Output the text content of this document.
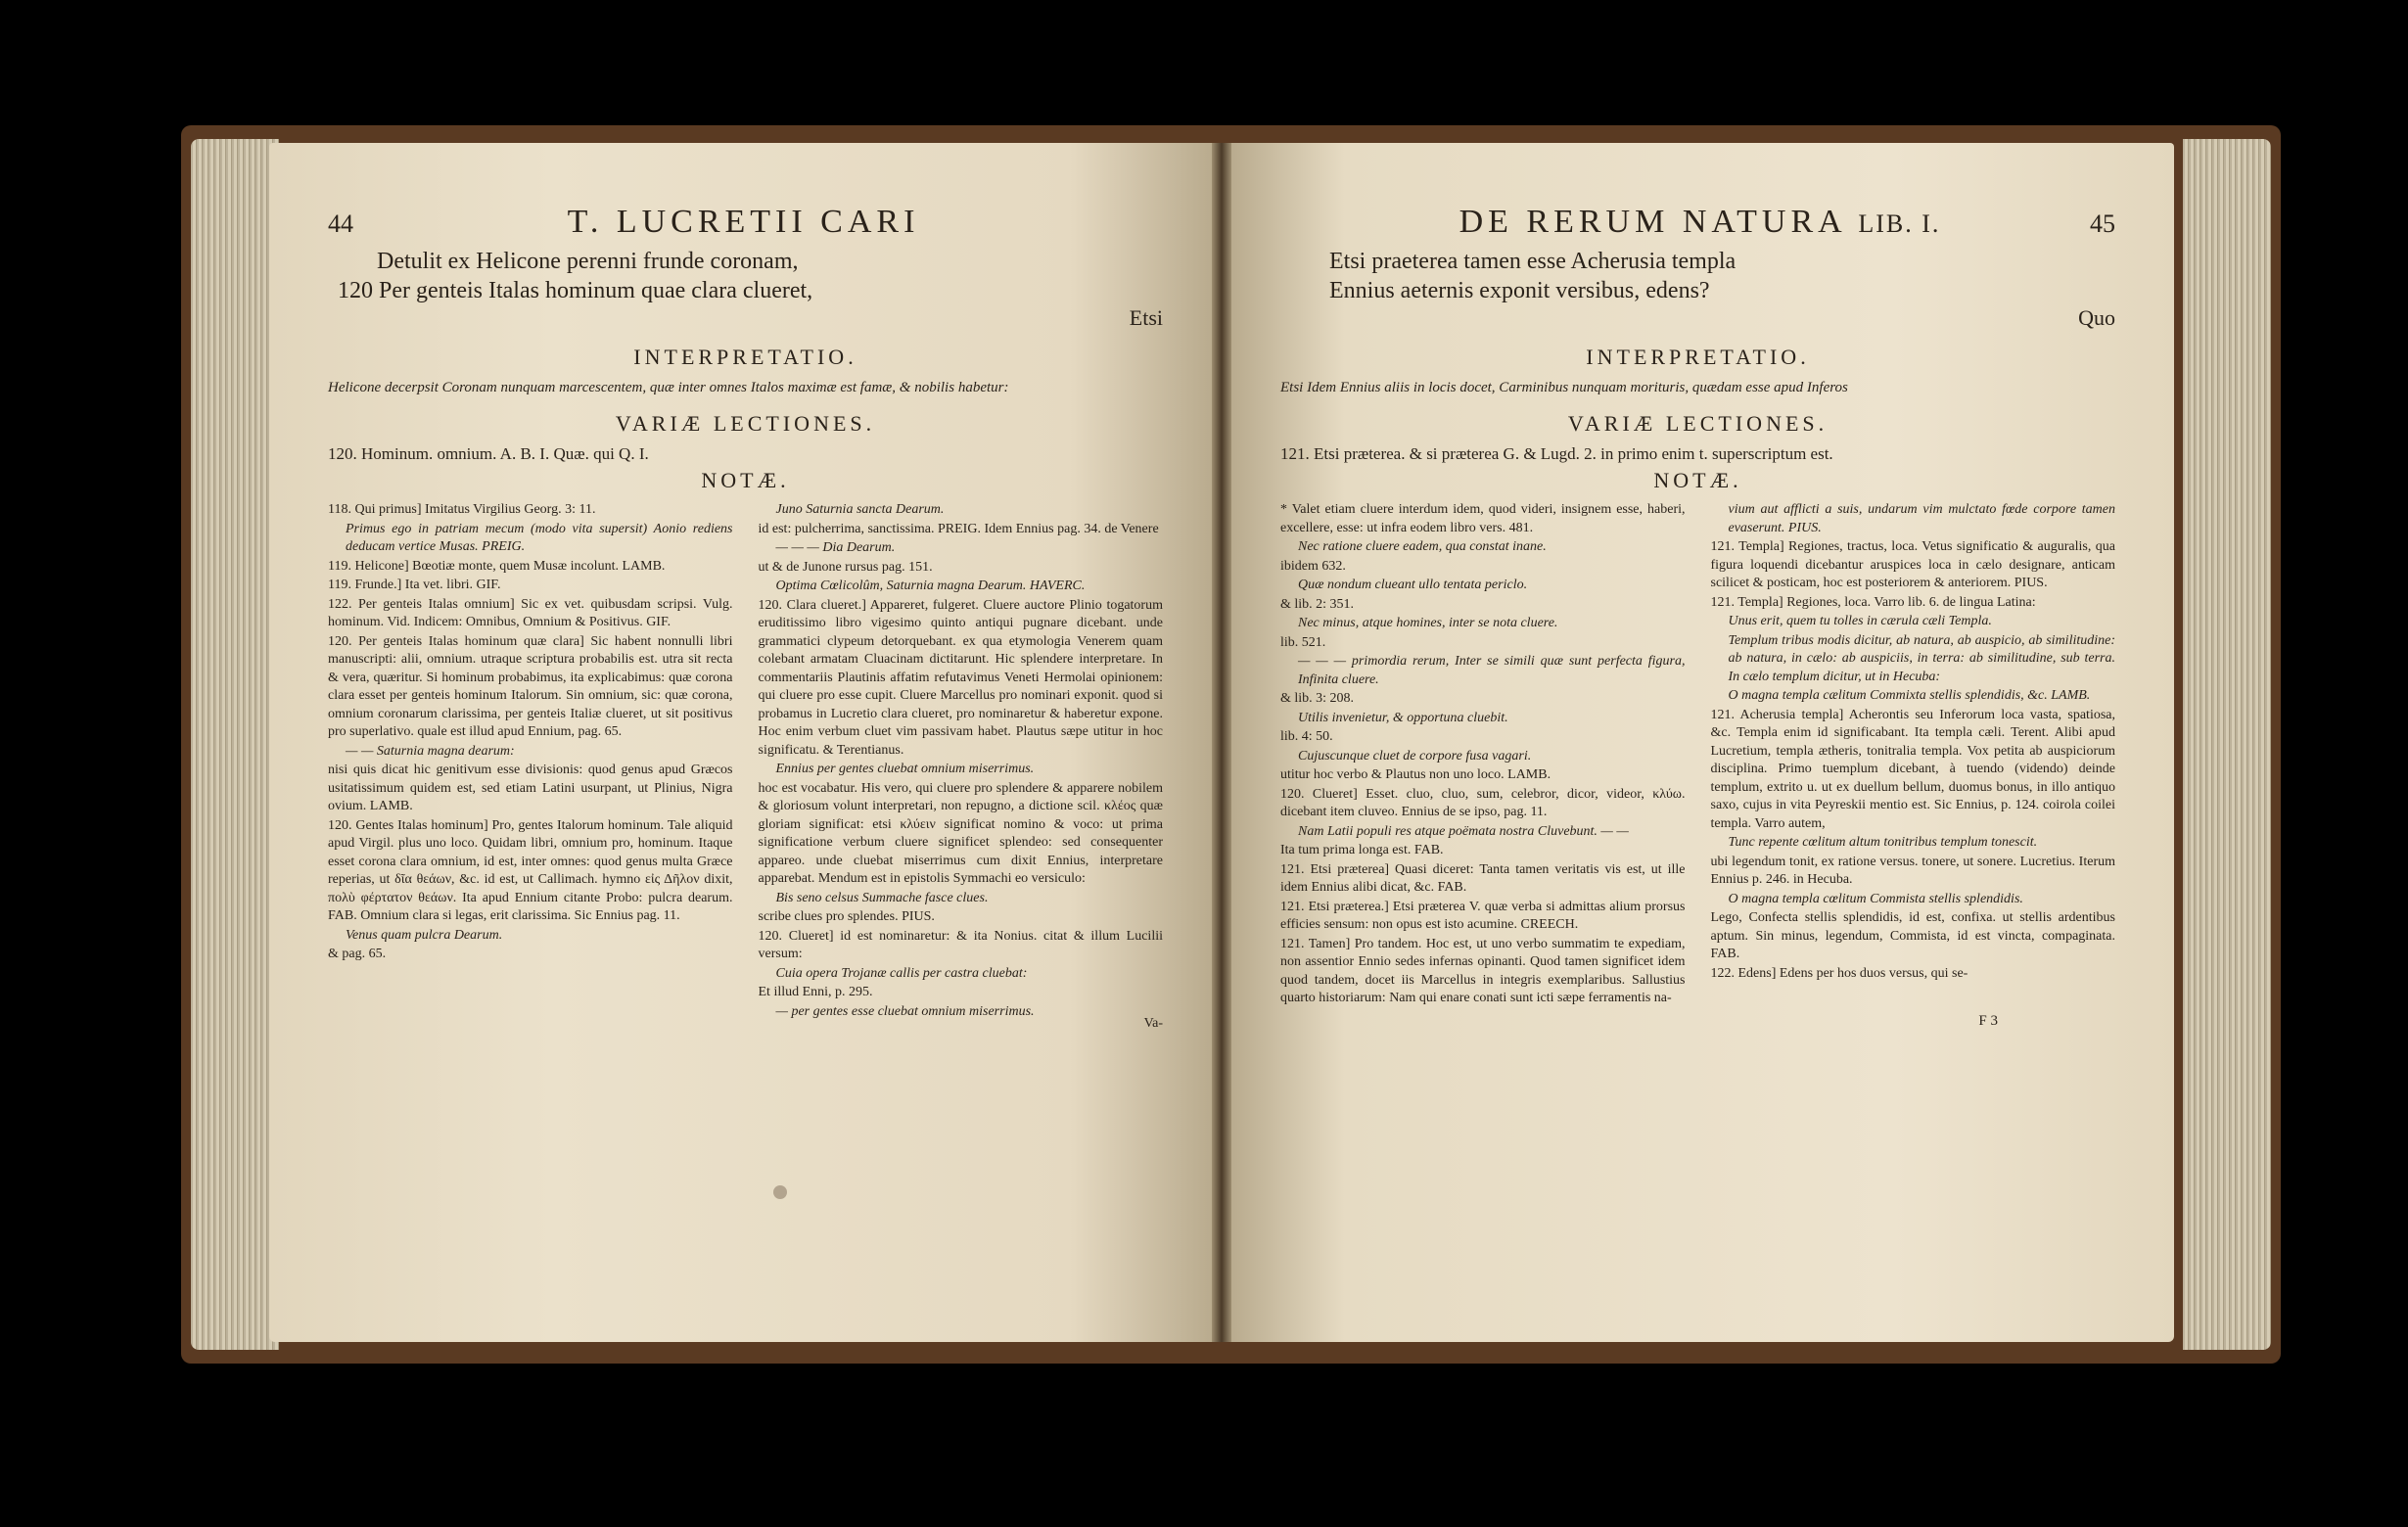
44	T. LUCRETII CARI
Detulit ex Helicone perenni frunde coronam,
120 Per genteis Italas hominum quae clara clueret,
Etsi
INTERPRETATIO.
Helicone decerpsit Coronam nunquam marcescentem, quæ inter omnes Italos maximæ est famæ, & nobilis habetur:
VARIÆ LECTIONES.
120. Hominum. omnium. A. B. I. Quæ. qui Q. I.
NOTÆ.

118. Qui primus] Imitatus Virgilius Georg. 3: 11.

Primus ego in patriam mecum (modo vita supersit) Aonio rediens deducam vertice Musas. PREIG.

119. Helicone] Bœotiæ monte, quem Musæ incolunt. LAMB.

119. Frunde.] Ita vet. libri. GIF.

122. Per genteis Italas omnium] Sic ex vet. quibusdam scripsi. Vulg. hominum. Vid. Indicem: Omnibus, Omnium & Positivus. GIF.

120. Per genteis Italas hominum quæ clara] Sic habent nonnulli libri manuscripti: alii, omnium. utraque scriptura probabilis est. utra sit recta & vera, quæritur. Si hominum probabimus, ita explicabimus: quæ corona clara esset per genteis hominum Italorum. Sin omnium, sic: quæ corona, omnium coronarum clarissima, per genteis Italiæ clueret, ut sit positivus pro superlativo. quale est illud apud Ennium, pag. 65.

— — Saturnia magna dearum:

nisi quis dicat hic genitivum esse divisionis: quod genus apud Græcos usitatissimum quidem est, sed etiam Latini usurpant, ut Plinius, Nigra ovium. LAMB.

120. Gentes Italas hominum] Pro, gentes Italorum hominum. Tale aliquid apud Virgil. plus uno loco. Quidam libri, omnium pro, hominum. Itaque esset corona clara omnium, id est, inter omnes: quod genus multa Græce reperias, ut δῖα θεάων, &c. id est, ut Callimach. hymno εἰς Δῆλον dixit, πολὺ φέρτατον θεάων. Ita apud Ennium citante Probo: pulcra dearum. FAB. Omnium clara si legas, erit clarissima. Sic Ennius pag. 11.

Venus quam pulcra Dearum.

& pag. 65.

Juno Saturnia sancta Dearum.

id est: pulcherrima, sanctissima. PREIG. Idem Ennius pag. 34. de Venere

— — — Dia Dearum.

ut & de Junone rursus pag. 151.

Optima Cœlicolûm, Saturnia magna Dearum. HAVERC.

120. Clara clueret.] Appareret, fulgeret. Cluere auctore Plinio togatorum eruditissimo libro vigesimo quinto antiqui pugnare dicebant. unde grammatici clypeum detorquebant. ex qua etymologia Venerem quam colebant armatam Cluacinam dictitarunt. Hic splendere interpretare. In commentariis Plautinis affatim refutavimus Veneti Hermolai opinionem: qui cluere pro esse cupit. Cluere Marcellus pro nominari exponit. quod si probamus in Lucretio clara clueret, pro nominaretur & haberetur expone. Hoc enim verbum cluet vim passivam habet. Plautus sæpe utitur in hoc significatu. & Terentianus.

Ennius per gentes cluebat omnium miserrimus.

hoc est vocabatur. His vero, qui cluere pro splendere & apparere nobilem & gloriosum volunt interpretari, non repugno, a dictione scil. κλέος quæ gloriam significat: etsi κλύειν significat nomino & voco: ut prima significatione verbum cluere significet splendeo: sed consequenter appareo. unde cluebat miserrimus cum dixit Ennius, interpretare apparebat. Mendum est in epistolis Symmachi eo versiculo:

Bis seno celsus Summache fasce clues.

scribe clues pro splendes. PIUS.

120. Clueret] id est nominaretur: & ita Nonius. citat & illum Lucilii versum:

Cuia opera Trojanæ callis per castra cluebat:

Et illud Enni, p. 295.

— per gentes esse cluebat omnium miserrimus.

Va-
DE RERUM NATURA LIB. I.	45
Etsi praeterea tamen esse Acherusia templa
Ennius aeternis exponit versibus, edens?
Quo
INTERPRETATIO.
Etsi Idem Ennius aliis in locis docet, Carminibus nunquam morituris, quædam esse apud Inferos
VARIÆ LECTIONES.
121. Etsi præterea. & si præterea G. & Lugd. 2. in primo enim t. superscriptum est.
NOTÆ.

* Valet etiam cluere interdum idem, quod videri, insignem esse, haberi, excellere, esse: ut infra eodem libro vers. 481.

Nec ratione cluere eadem, qua constat inane.

ibidem 632.

Quæ nondum clueant ullo tentata periclo.

& lib. 2: 351.

Nec minus, atque homines, inter se nota cluere.

lib. 521.

— — — primordia rerum, Inter se simili quæ sunt perfecta figura, Infinita cluere.

& lib. 3: 208.

Utilis invenietur, & opportuna cluebit.

lib. 4: 50.

Cujuscunque cluet de corpore fusa vagari.

utitur hoc verbo & Plautus non uno loco. LAMB.

120. Clueret] Esset. cluo, cluo, sum, celebror, dicor, videor, κλύω. dicebant item cluveo. Ennius de se ipso, pag. 11.

Nam Latii populi res atque poëmata nostra Cluvebunt. — —

Ita tum prima longa est. FAB.

121. Etsi præterea] Quasi diceret: Tanta tamen veritatis vis est, ut ille idem Ennius alibi dicat, &c. FAB.

121. Etsi præterea.] Etsi præterea V. quæ verba si admittas alium prorsus efficies sensum: non opus est isto acumine. CREECH.

121. Tamen] Pro tandem. Hoc est, ut uno verbo summatim te expediam, non assentior Ennio sedes infernas opinanti. Quod tamen significet idem quod tandem, docet iis Marcellus in integris exemplaribus. Sallustius quarto historiarum: Nam qui enare conati sunt icti sæpe ferramentis na-

vium aut afflicti a suis, undarum vim mulctato fœde corpore tamen evaserunt. PIUS.

121. Templa] Regiones, tractus, loca. Vetus significatio & auguralis, qua figura loquendi dicebantur aruspices loca in cælo designare, anticam scilicet & posticam, hoc est posteriorem & anteriorem. PIUS.

121. Templa] Regiones, loca. Varro lib. 6. de lingua Latina:

Unus erit, quem tu tolles in cærula cæli Templa.

Templum tribus modis dicitur, ab natura, ab auspicio, ab similitudine: ab natura, in cælo: ab auspiciis, in terra: ab similitudine, sub terra. In cælo templum dicitur, ut in Hecuba:

O magna templa cælitum Commixta stellis splendidis, &c. LAMB.

121. Acherusia templa] Acherontis seu Inferorum loca vasta, spatiosa, &c. Templa enim id significabant. Ita templa cæli. Terent. Alibi apud Lucretium, templa ætheris, tonitralia templa. Vox petita ab auspiciorum disciplina. Primo tuemplum dicebant, à tuendo (videndo) deinde templum, extrito u. ut ex duellum bellum, duomus bonus, in illo antiquo saxo, cujus in vita Peyreskii mentio est. Sic Ennius, p. 124. coirola coilei templa. Varro autem,

Tunc repente cœlitum altum tonitribus templum tonescit.

ubi legendum tonit, ex ratione versus. tonere, ut sonere. Lucretius. Iterum Ennius p. 246. in Hecuba.

O magna templa cœlitum Commista stellis splendidis.

Lego, Confecta stellis splendidis, id est, confixa. ut stellis ardentibus aptum. Sin minus, legendum, Commista, id est vincta, compaginata. FAB.

122. Edens] Edens per hos duos versus, qui se-

F 3
